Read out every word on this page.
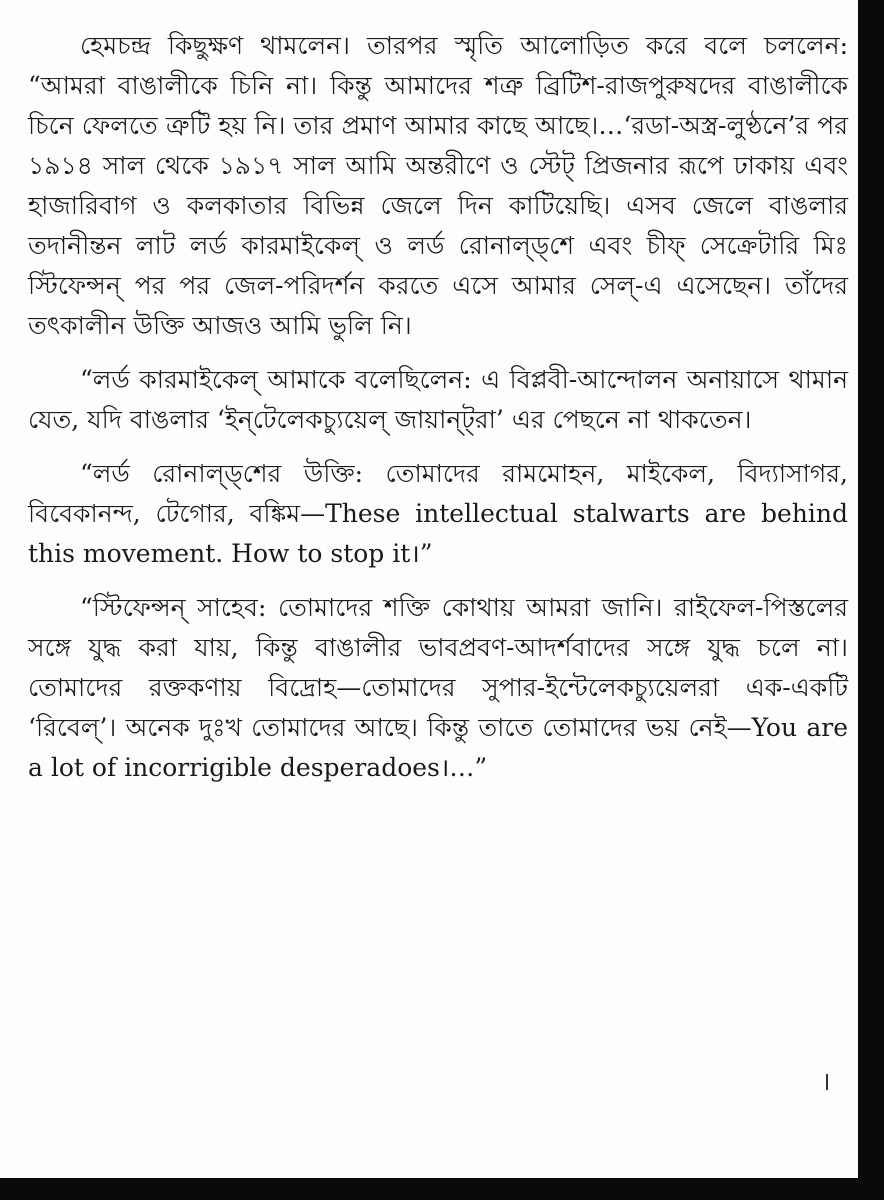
হেমচন্দ্র কিছুক্ষণ থামলেন। তারপর স্মৃতি আলোড়িত করে বলে চললেন: “আমরা বাঙালীকে চিনি না। কিন্তু আমাদের শত্রু ব্রিটিশ-রাজপুরুষদের বাঙালীকে চিনে ফেলতে ত্রুটি হয় নি। তার প্রমাণ আমার কাছে আছে।…‘রডা-অস্ত্র-লুণ্ঠনে’র পর ১৯১৪ সাল থেকে ১৯১৭ সাল আমি অন্তরীণে ও স্টেট্ প্রিজনার রূপে ঢাকায় এবং হাজারিবাগ ও কলকাতার বিভিন্ন জেলে দিন কাটিয়েছি। এসব জেলে বাঙলার তদানীন্তন লাট লর্ড কারমাইকেল্ ও লর্ড রোনাল্ড্‌শে এবং চীফ্ সেক্রেটারি মিঃ স্টিফেন্সন্ পর পর জেল-পরিদর্শন করতে এসে আমার সেল্-এ এসেছেন। তাঁদের তৎকালীন উক্তি আজও আমি ভুলি নি।

“লর্ড কারমাইকেল্ আমাকে বলেছিলেন: এ বিপ্লবী-আন্দোলন অনায়াসে থামান যেত, যদি বাঙলার ‘ইন্‌টেলেকচ্যুয়েল্ জায়ান্ট্‌রা’ এর পেছনে না থাকতেন।

“লর্ড রোনাল্ড্‌শের উক্তি: তোমাদের রামমোহন, মাইকেল, বিদ্যাসাগর, বিবেকানন্দ, টেগোর, বঙ্কিম—These intellectual stalwarts are behind this movement. How to stop it।”

“স্টিফেন্সন্ সাহেব: তোমাদের শক্তি কোথায় আমরা জানি। রাইফেল-পিস্তলের সঙ্গে যুদ্ধ করা যায়, কিন্তু বাঙালীর ভাবপ্রবণ-আদর্শবাদের সঙ্গে যুদ্ধ চলে না। তোমাদের রক্তকণায় বিদ্রোহ—তোমাদের সুপার-ইন্টেলেকচ্যুয়েলরা এক-একটি ‘রিবেল্’। অনেক দুঃখ তোমাদের আছে। কিন্তু তাতে তোমাদের ভয় নেই—You are a lot of incorrigible desperadoes।…”
